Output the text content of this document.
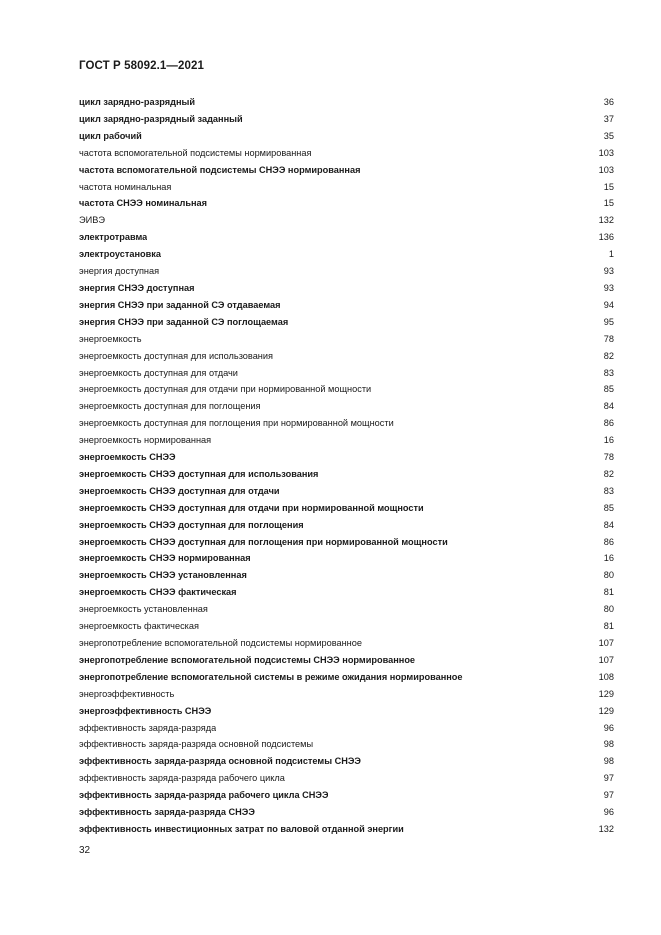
ГОСТ Р 58092.1—2021
цикл зарядно-разрядный	36
цикл зарядно-разрядный заданный	37
цикл рабочий	35
частота вспомогательной подсистемы нормированная	103
частота вспомогательной подсистемы СНЭЭ нормированная	103
частота номинальная	15
частота СНЭЭ номинальная	15
ЭИВЭ	132
электротравма	136
электроустановка	1
энергия доступная	93
энергия СНЭЭ доступная	93
энергия СНЭЭ при заданной СЭ отдаваемая	94
энергия СНЭЭ при заданной СЭ поглощаемая	95
энергоемкость	78
энергоемкость доступная для использования	82
энергоемкость доступная для отдачи	83
энергоемкость доступная для отдачи при нормированной мощности	85
энергоемкость доступная для поглощения	84
энергоемкость доступная для поглощения при нормированной мощности	86
энергоемкость нормированная	16
энергоемкость СНЭЭ	78
энергоемкость СНЭЭ доступная для использования	82
энергоемкость СНЭЭ доступная для отдачи	83
энергоемкость СНЭЭ доступная для отдачи при нормированной мощности	85
энергоемкость СНЭЭ доступная для поглощения	84
энергоемкость СНЭЭ доступная для поглощения при нормированной мощности	86
энергоемкость СНЭЭ нормированная	16
энергоемкость СНЭЭ установленная	80
энергоемкость СНЭЭ фактическая	81
энергоемкость установленная	80
энергоемкость фактическая	81
энергопотребление вспомогательной подсистемы нормированное	107
энергопотребление вспомогательной подсистемы СНЭЭ нормированное	107
энергопотребление вспомогательной системы в режиме ожидания нормированное	108
энергоэффективность	129
энергоэффективность СНЭЭ	129
эффективность заряда-разряда	96
эффективность заряда-разряда основной подсистемы	98
эффективность заряда-разряда основной подсистемы СНЭЭ	98
эффективность заряда-разряда рабочего цикла	97
эффективность заряда-разряда рабочего цикла СНЭЭ	97
эффективность заряда-разряда СНЭЭ	96
эффективность инвестиционных затрат по валовой отданной энергии	132
32
